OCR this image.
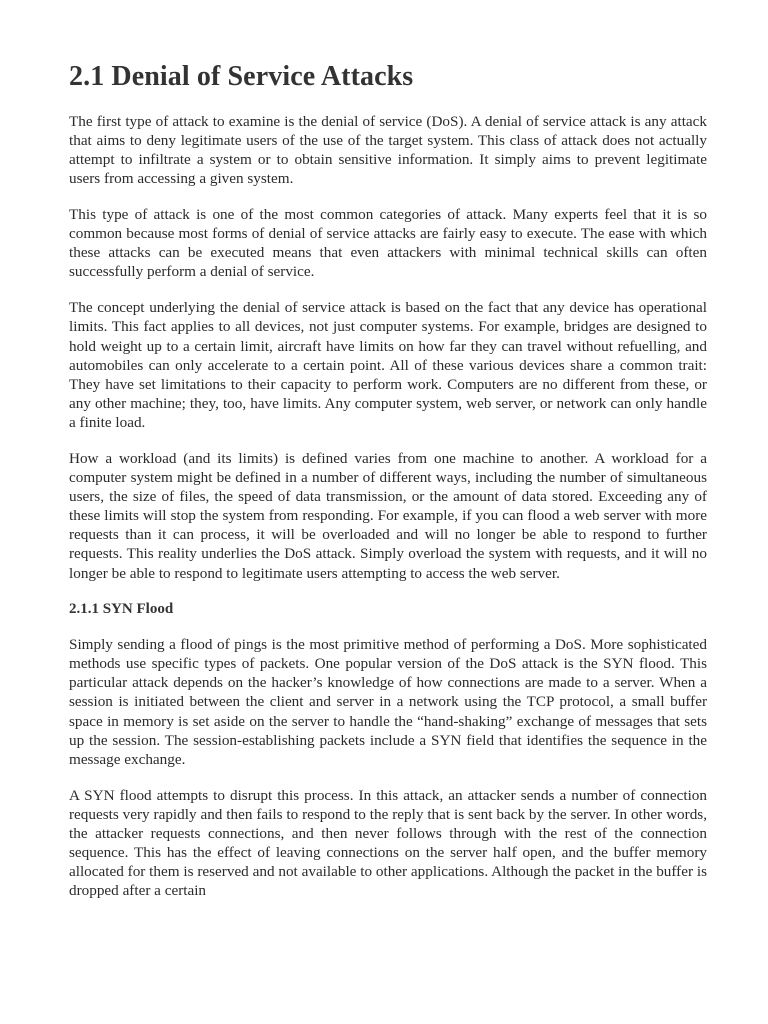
2.1 Denial of Service Attacks

The first type of attack to examine is the denial of service (DoS). A denial of service attack is any attack that aims to deny legitimate users of the use of the target system. This class of attack does not actually attempt to infiltrate a system or to obtain sensitive information. It simply aims to prevent legitimate users from accessing a given system.

This type of attack is one of the most common categories of attack. Many experts feel that it is so common because most forms of denial of service attacks are fairly easy to execute. The ease with which these attacks can be executed means that even attackers with minimal technical skills can often successfully perform a denial of service.

The concept underlying the denial of service attack is based on the fact that any device has operational limits. This fact applies to all devices, not just computer systems. For example, bridges are designed to hold weight up to a certain limit, aircraft have limits on how far they can travel without refuelling, and automobiles can only accelerate to a certain point. All of these various devices share a common trait: They have set limitations to their capacity to perform work. Computers are no different from these, or any other machine; they, too, have limits. Any computer system, web server, or network can only handle a finite load.

How a workload (and its limits) is defined varies from one machine to another. A workload for a computer system might be defined in a number of different ways, including the number of simultaneous users, the size of files, the speed of data transmission, or the amount of data stored. Exceeding any of these limits will stop the system from responding. For example, if you can flood a web server with more requests than it can process, it will be overloaded and will no longer be able to respond to further requests. This reality underlies the DoS attack. Simply overload the system with requests, and it will no longer be able to respond to legitimate users attempting to access the web server.

2.1.1 SYN Flood

Simply sending a flood of pings is the most primitive method of performing a DoS. More sophisticated methods use specific types of packets. One popular version of the DoS attack is the SYN flood. This particular attack depends on the hacker’s knowledge of how connections are made to a server. When a session is initiated between the client and server in a network using the TCP protocol, a small buffer space in memory is set aside on the server to handle the “hand-shaking” exchange of messages that sets up the session. The session-establishing packets include a SYN field that identifies the sequence in the message exchange.

A SYN flood attempts to disrupt this process. In this attack, an attacker sends a number of connection requests very rapidly and then fails to respond to the reply that is sent back by the server. In other words, the attacker requests connections, and then never follows through with the rest of the connection sequence. This has the effect of leaving connections on the server half open, and the buffer memory allocated for them is reserved and not available to other applications. Although the packet in the buffer is dropped after a certain
